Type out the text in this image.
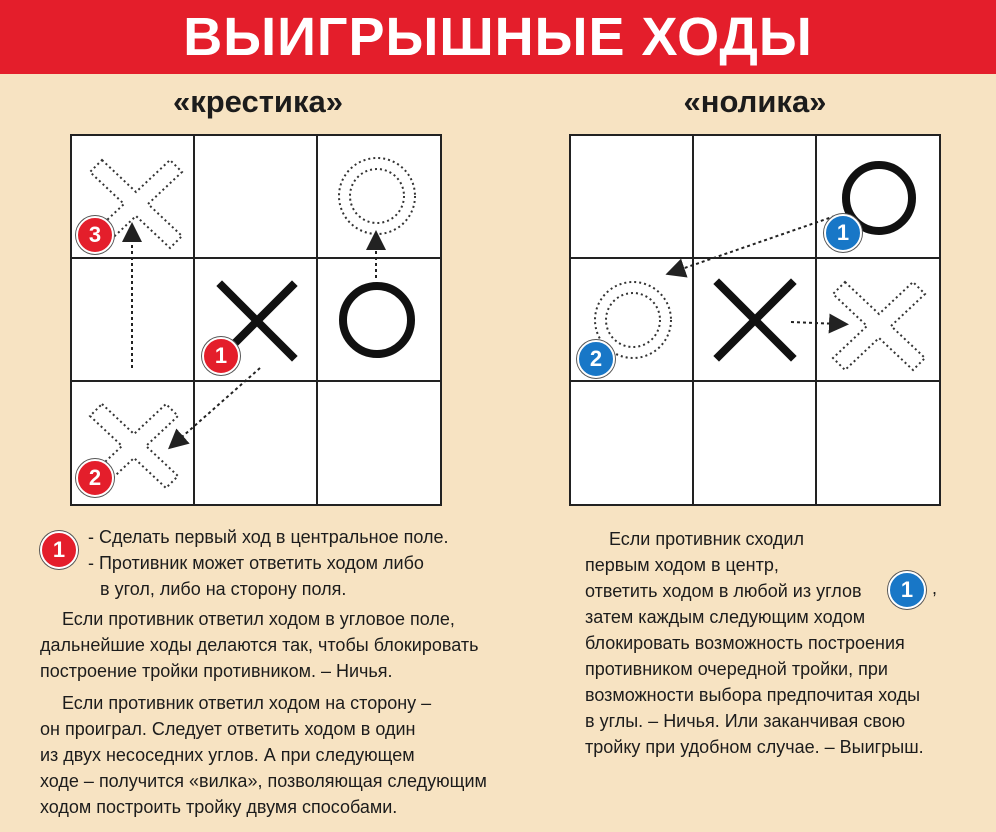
ВЫИГРЫШНЫЕ ХОДЫ
«крестика»	«нолика»
3
1
2
1
2
1	- Сделать первый ход в центральное поле.
- Противник может ответить ходом либо
в угол, либо на сторону поля.
Если противник ответил ходом в угловое поле,
дальнейшие ходы делаются так, чтобы блокировать
построение тройки противником. – Ничья.
Если противник ответил ходом на сторону –
он проиграл. Следует ответить ходом в один
из двух несоседних углов. А при следующем
ходе – получится «вилка», позволяющая следующим
ходом построить тройку двумя способами.
Если противник сходил
первым ходом в центр,
ответить ходом в любой из углов
затем каждым следующим ходом
блокировать возможность построения
противником очередной тройки, при
возможности выбора предпочитая ходы
в углы. – Ничья. Или заканчивая свою
тройку при удобном случае. – Выигрыш.
1	,
